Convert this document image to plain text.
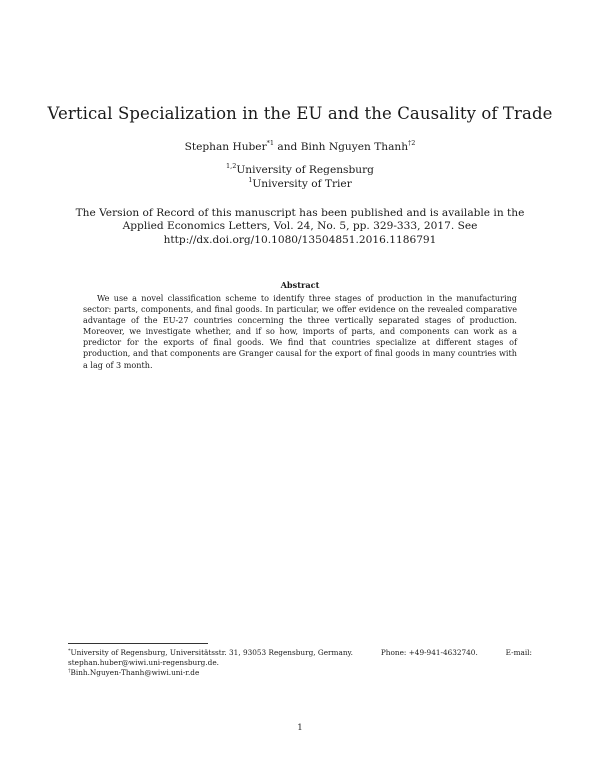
Vertical Specialization in the EU and the Causality of Trade
Stephan Huber$^{*1}$ and Binh Nguyen Thanh$^{\dagger 2}$
$^{1,2}$University of Regensburg
$^1$University of Trier
The Version of Record of this manuscript has been published and is available in the Applied Economics Letters, Vol. 24, No. 5, pp. 329-333, 2017. See http://dx.doi.org/10.1080/13504851.2016.1186791
Abstract
We use a novel classification scheme to identify three stages of production in the manufacturing sector: parts, components, and final goods. In particular, we offer evidence on the revealed comparative advantage of the EU-27 countries concerning the three vertically separated stages of production. Moreover, we investigate whether, and if so how, imports of parts, and components can work as a predictor for the exports of final goods. We find that countries specialize at different stages of production, and that components are Granger causal for the export of final goods in many countries with a lag of 3 month.
*University of Regensburg, Universitätsstr. 31, 93053 Regensburg, Germany.	Phone: +49-941-4632740.	E-mail:
stephan.huber@wiwi.uni-regensburg.de.
†Binh.Nguyen-Thanh@wiwi.uni-r.de
1
